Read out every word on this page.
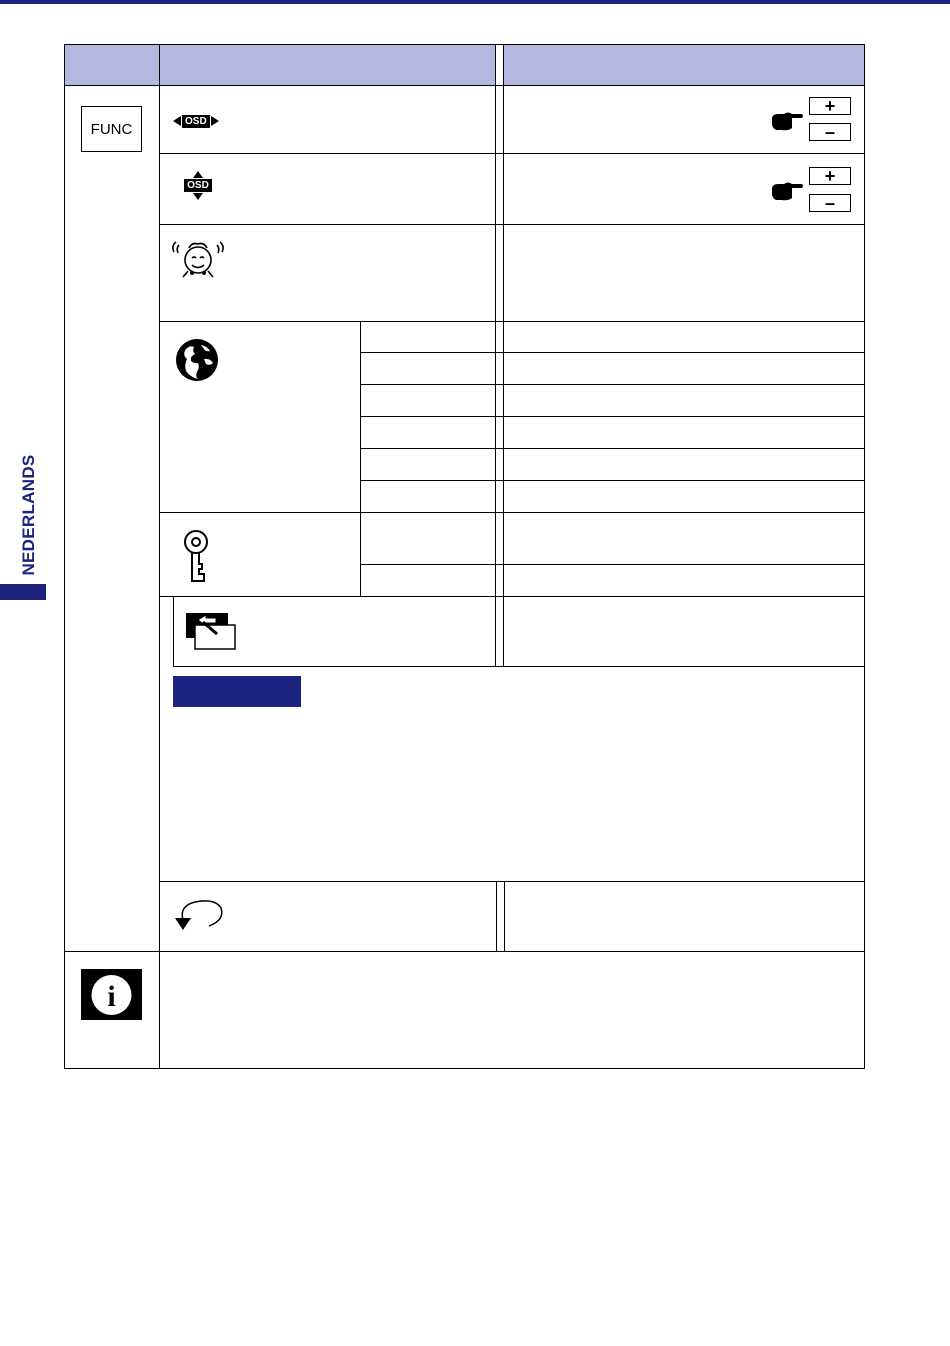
NEDERLANDS
FUNC	OSD
+
–
OSD	+
–
i
